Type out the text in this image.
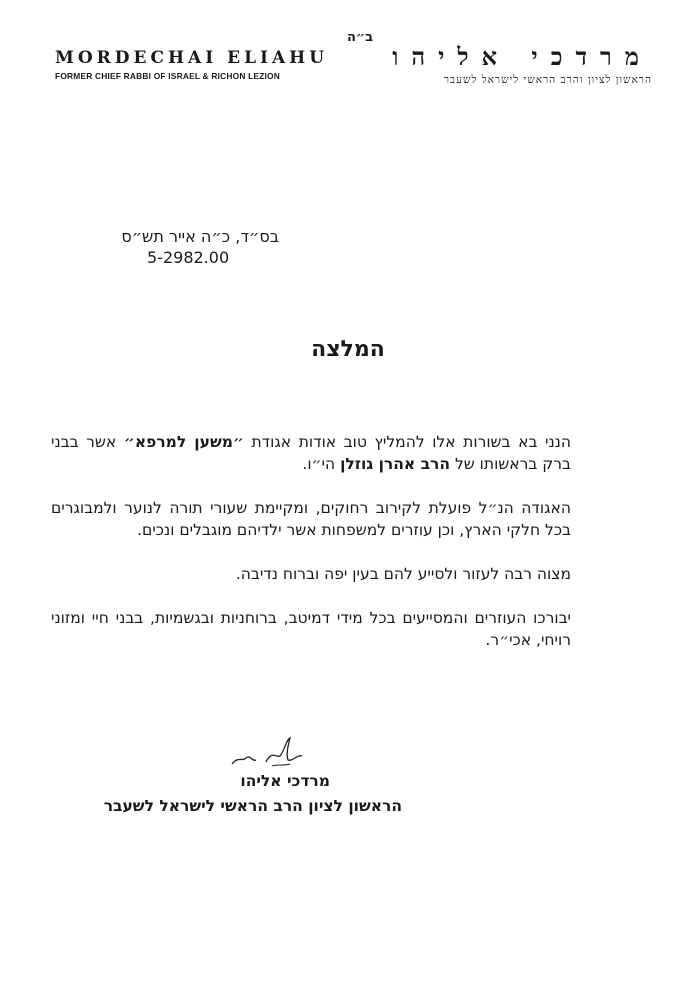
ב״ה
MORDECHAI ELIAHU
FORMER CHIEF RABBI OF ISRAEL & RICHON LEZION
מרדכי אליהו
הראשון לציון והרב הראשי לישראל לשעבר
בס״ד, כ״ה אייר תש״ס
5-2982.00
המלצה

הנני בא בשורות אלו להמליץ טוב אודות אגודת ״משען למרפא״ אשר בבני ברק בראשותו של הרב אהרן גוזלן הי״ו.

האגודה הנ״ל פועלת לקירוב רחוקים, ומקיימת שעורי תורה לנוער ולמבוגרים בכל חלקי הארץ, וכן עוזרים למשפחות אשר ילדיהם מוגבלים ונכים.

מצוה רבה לעזור ולסייע להם בעין יפה וברוח נדיבה.

יבורכו העוזרים והמסייעים בכל מידי דמיטב, ברוחניות ובגשמיות, בבני חיי ומזוני רויחי, אכי״ר.

מרדכי אליהו
הראשון לציון הרב הראשי לישראל לשעבר
